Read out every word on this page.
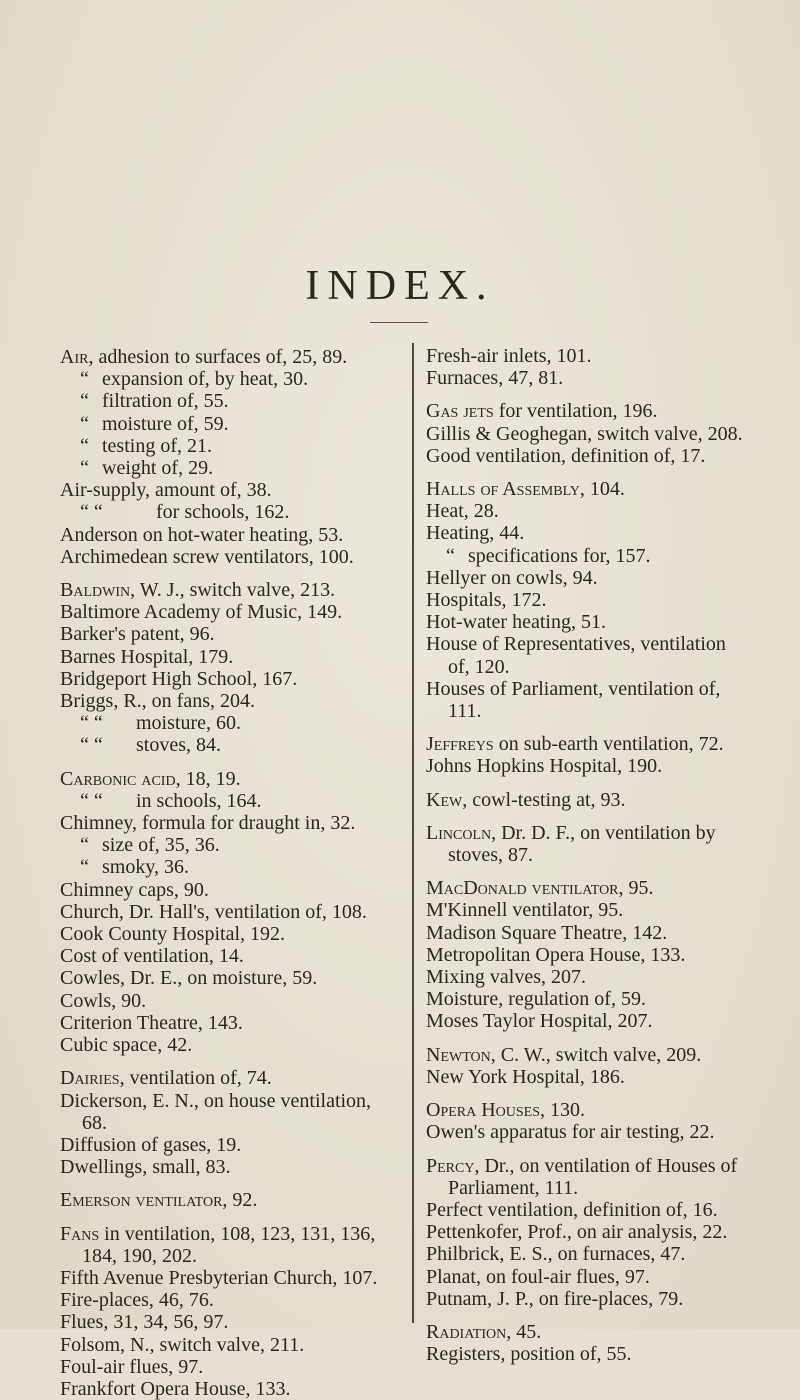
INDEX.

Air, adhesion to surfaces of, 25, 89.

“ expansion of, by heat, 30.

“ filtration of, 55.

“ moisture of, 59.

“ testing of, 21.

“ weight of, 29.

Air-supply, amount of, 38.

“ “	for schools, 162.

Anderson on hot-water heating, 53.

Archimedean screw ventilators, 100.

Baldwin, W. J., switch valve, 213.

Baltimore Academy of Music, 149.

Barker's patent, 96.

Barnes Hospital, 179.

Bridgeport High School, 167.

Briggs, R., on fans, 204.

“ “ moisture, 60.

“ “ stoves, 84.

Carbonic acid, 18, 19.

“ “ in schools, 164.

Chimney, formula for draught in, 32.

“ size of, 35, 36.

“ smoky, 36.

Chimney caps, 90.

Church, Dr. Hall's, ventilation of, 108.

Cook County Hospital, 192.

Cost of ventilation, 14.

Cowles, Dr. E., on moisture, 59.

Cowls, 90.

Criterion Theatre, 143.

Cubic space, 42.

Dairies, ventilation of, 74.

Dickerson, E. N., on house ventilation, 68.

Diffusion of gases, 19.

Dwellings, small, 83.

Emerson ventilator, 92.

Fans in ventilation, 108, 123, 131, 136, 184, 190, 202.

Fifth Avenue Presbyterian Church, 107.

Fire-places, 46, 76.

Flues, 31, 34, 56, 97.

Folsom, N., switch valve, 211.

Foul-air flues, 97.

Frankfort Opera House, 133.

Fresh-air inlets, 101.

Furnaces, 47, 81.

Gas jets for ventilation, 196.

Gillis & Geoghegan, switch valve, 208.

Good ventilation, definition of, 17.

Halls of Assembly, 104.

Heat, 28.

Heating, 44.

“ specifications for, 157.

Hellyer on cowls, 94.

Hospitals, 172.

Hot-water heating, 51.

House of Representatives, ventilation of, 120.

Houses of Parliament, ventilation of, 111.

Jeffreys on sub-earth ventilation, 72.

Johns Hopkins Hospital, 190.

Kew, cowl-testing at, 93.

Lincoln, Dr. D. F., on ventilation by stoves, 87.

MacDonald ventilator, 95.

M'Kinnell ventilator, 95.

Madison Square Theatre, 142.

Metropolitan Opera House, 133.

Mixing valves, 207.

Moisture, regulation of, 59.

Moses Taylor Hospital, 207.

Newton, C. W., switch valve, 209.

New York Hospital, 186.

Opera Houses, 130.

Owen's apparatus for air testing, 22.

Percy, Dr., on ventilation of Houses of Parliament, 111.

Perfect ventilation, definition of, 16.

Pettenkofer, Prof., on air analysis, 22.

Philbrick, E. S., on furnaces, 47.

Planat, on foul-air flues, 97.

Putnam, J. P., on fire-places, 79.

Radiation, 45.

Registers, position of, 55.
